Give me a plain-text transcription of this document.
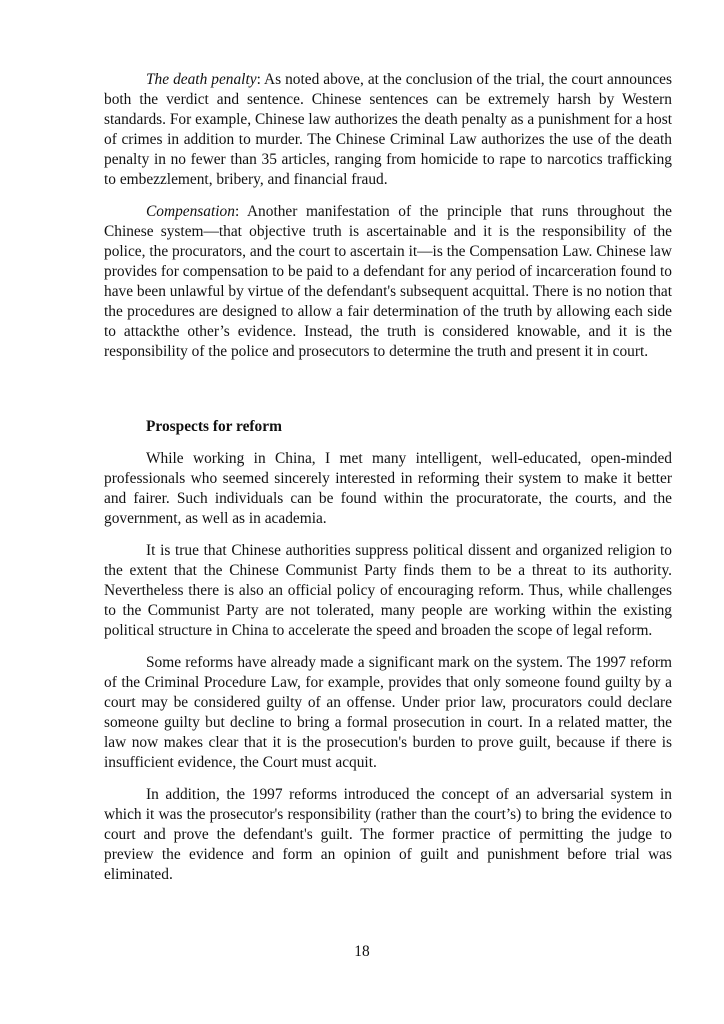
The death penalty: As noted above, at the conclusion of the trial, the court announces both the verdict and sentence. Chinese sentences can be extremely harsh by Western standards. For example, Chinese law authorizes the death penalty as a punishment for a host of crimes in addition to murder. The Chinese Criminal Law authorizes the use of the death penalty in no fewer than 35 articles, ranging from homicide to rape to narcotics trafficking to embezzlement, bribery, and financial fraud.

Compensation: Another manifestation of the principle that runs throughout the Chinese system—that objective truth is ascertainable and it is the responsibility of the police, the procurators, and the court to ascertain it—is the Compensation Law. Chinese law provides for compensation to be paid to a defendant for any period of incarceration found to have been unlawful by virtue of the defendant's subsequent acquittal. There is no notion that the procedures are designed to allow a fair determination of the truth by allowing each side to attackthe other’s evidence. Instead, the truth is considered knowable, and it is the responsibility of the police and prosecutors to determine the truth and present it in court.

Prospects for reform

While working in China, I met many intelligent, well-educated, open-minded professionals who seemed sincerely interested in reforming their system to make it better and fairer. Such individuals can be found within the procuratorate, the courts, and the government, as well as in academia.

It is true that Chinese authorities suppress political dissent and organized religion to the extent that the Chinese Communist Party finds them to be a threat to its authority. Nevertheless there is also an official policy of encouraging reform. Thus, while challenges to the Communist Party are not tolerated, many people are working within the existing political structure in China to accelerate the speed and broaden the scope of legal reform.

Some reforms have already made a significant mark on the system. The 1997 reform of the Criminal Procedure Law, for example, provides that only someone found guilty by a court may be considered guilty of an offense. Under prior law, procurators could declare someone guilty but decline to bring a formal prosecution in court. In a related matter, the law now makes clear that it is the prosecution's burden to prove guilt, because if there is insufficient evidence, the Court must acquit.

In addition, the 1997 reforms introduced the concept of an adversarial system in which it was the prosecutor's responsibility (rather than the court’s) to bring the evidence to court and prove the defendant's guilt. The former practice of permitting the judge to preview the evidence and form an opinion of guilt and punishment before trial was eliminated.

18
